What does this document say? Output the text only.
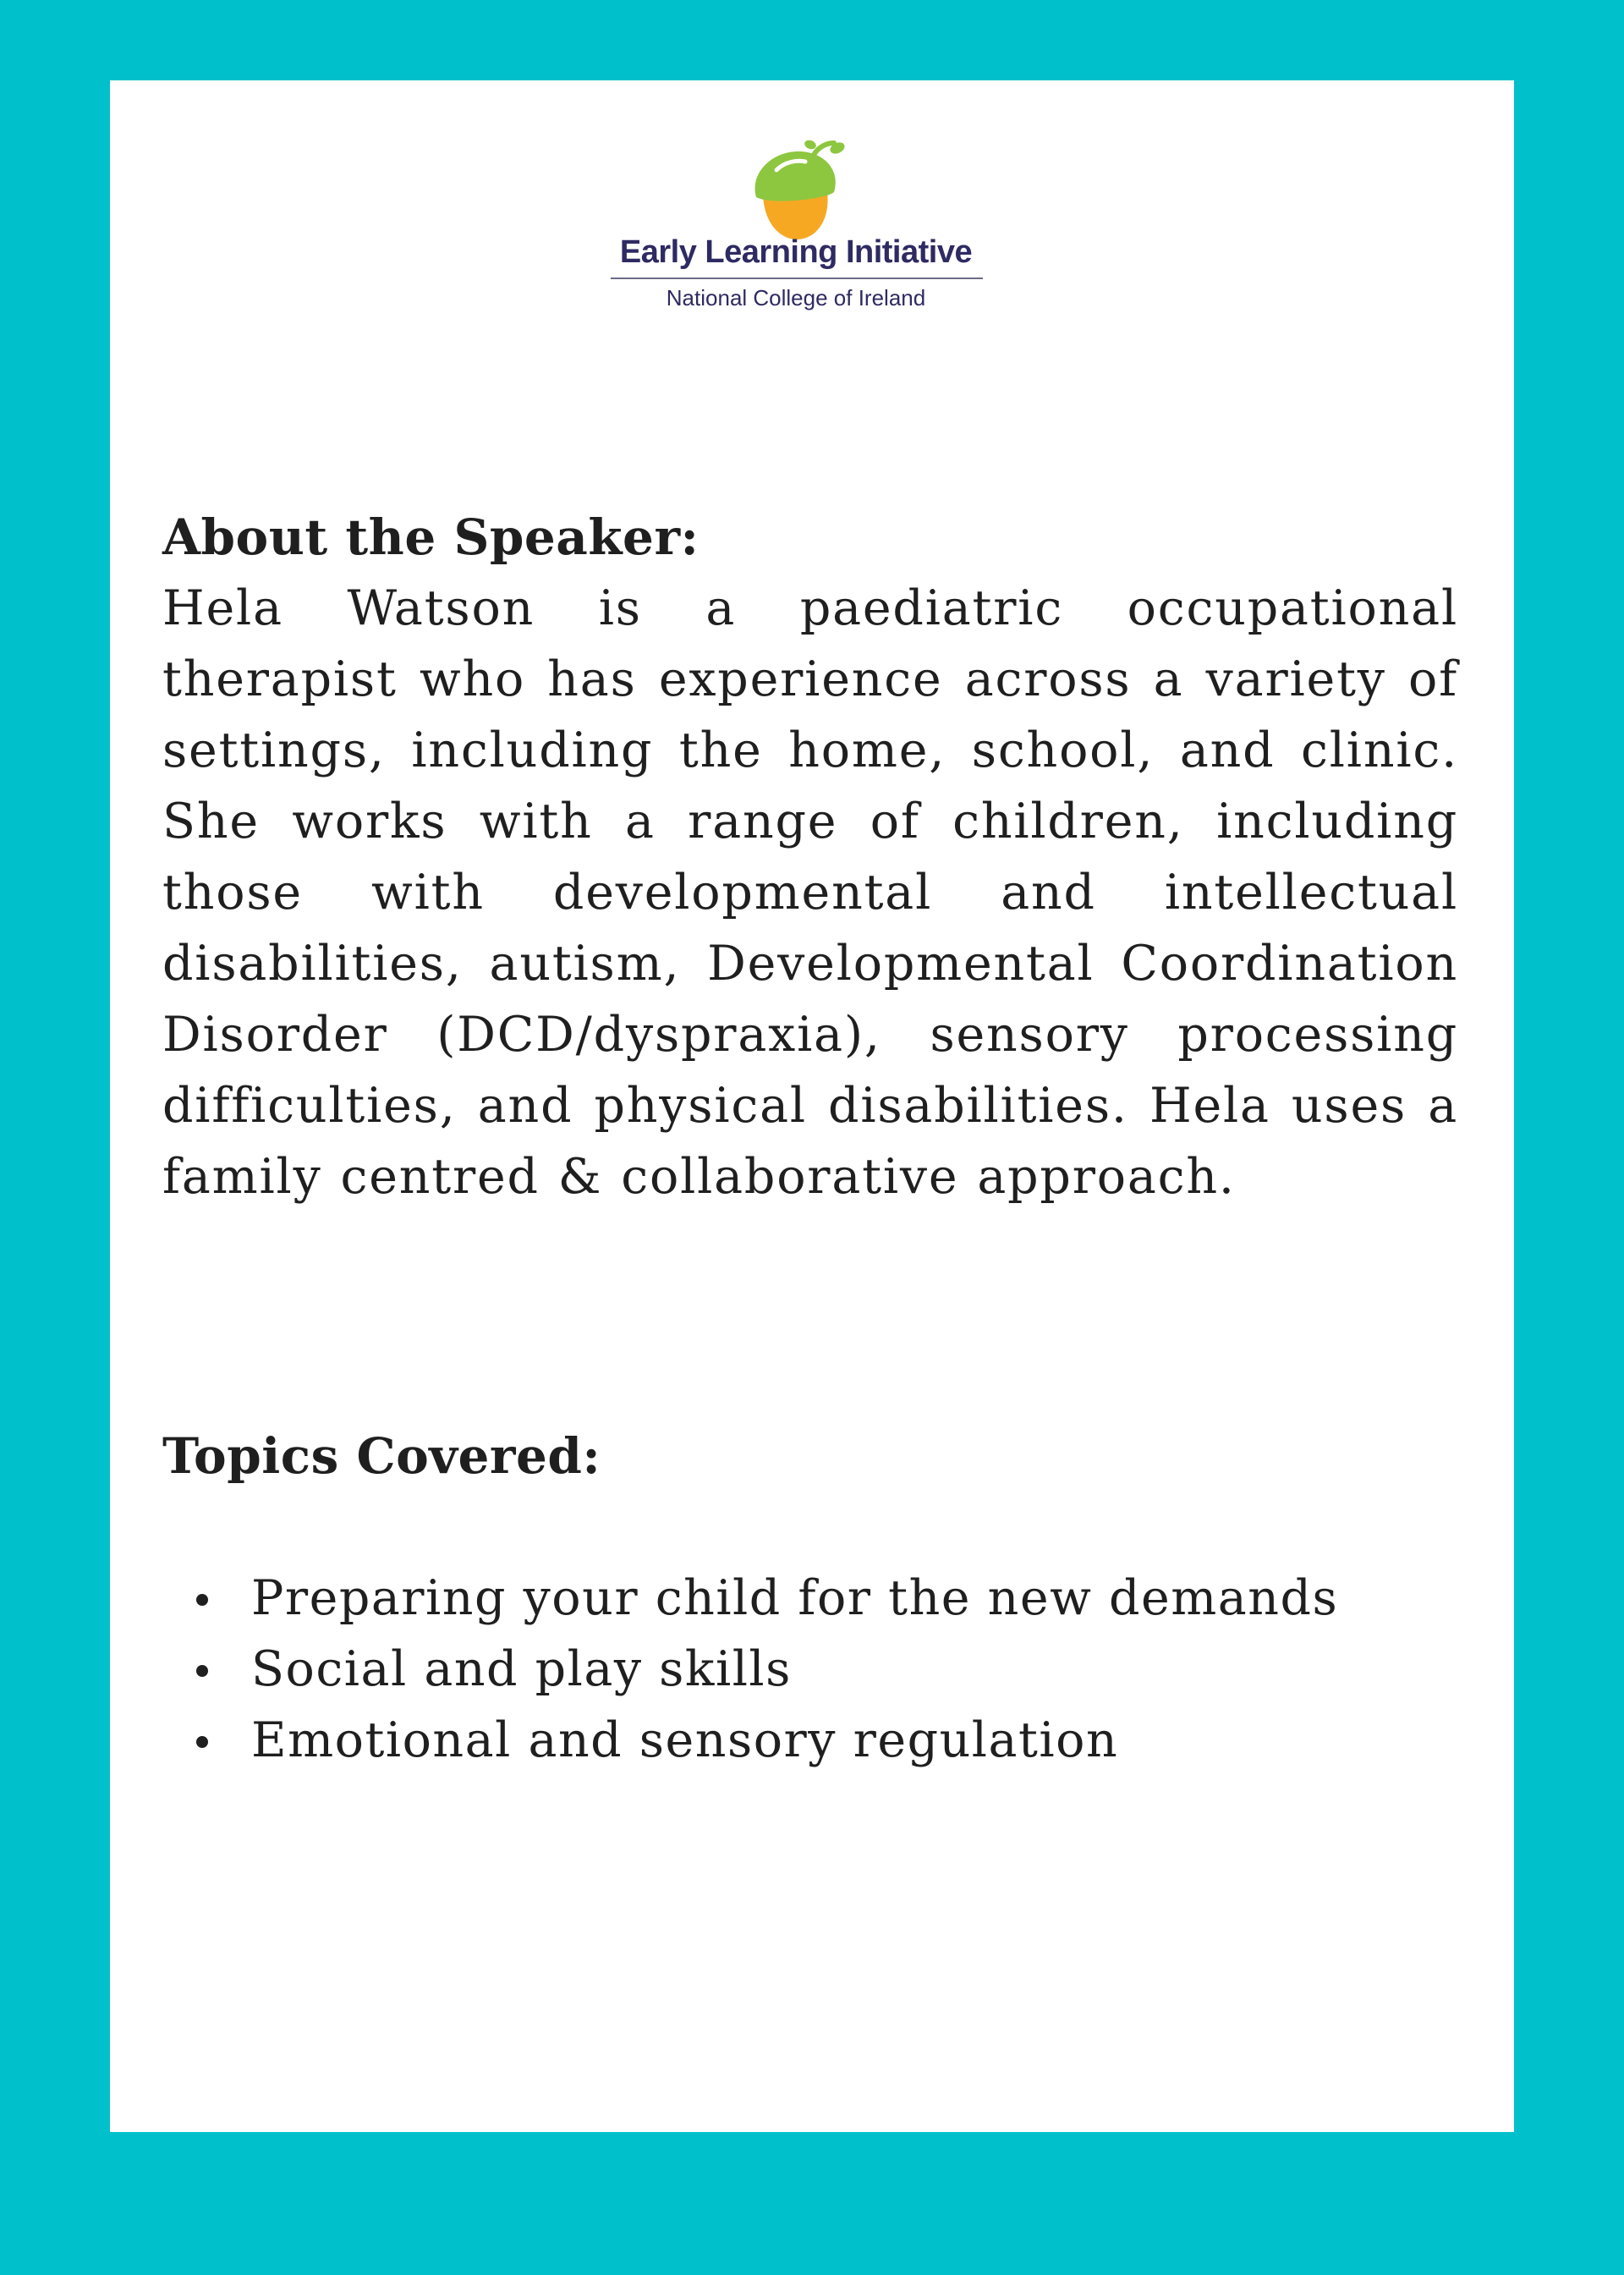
Early Learning Initiative
National College of Ireland
About the Speaker:

Hela Watson is a paediatric occupational therapist who has experience across a variety of settings, including the home, school, and clinic. She works with a range of children, including those with developmental and intellectual disabilities, autism, Developmental Coordination Disorder (DCD/dyspraxia), sensory processing difficulties, and physical disabilities. Hela uses a family centred & collaborative approach.

Topics Covered:
Preparing your child for the new demands
Social and play skills
Emotional and sensory regulation
